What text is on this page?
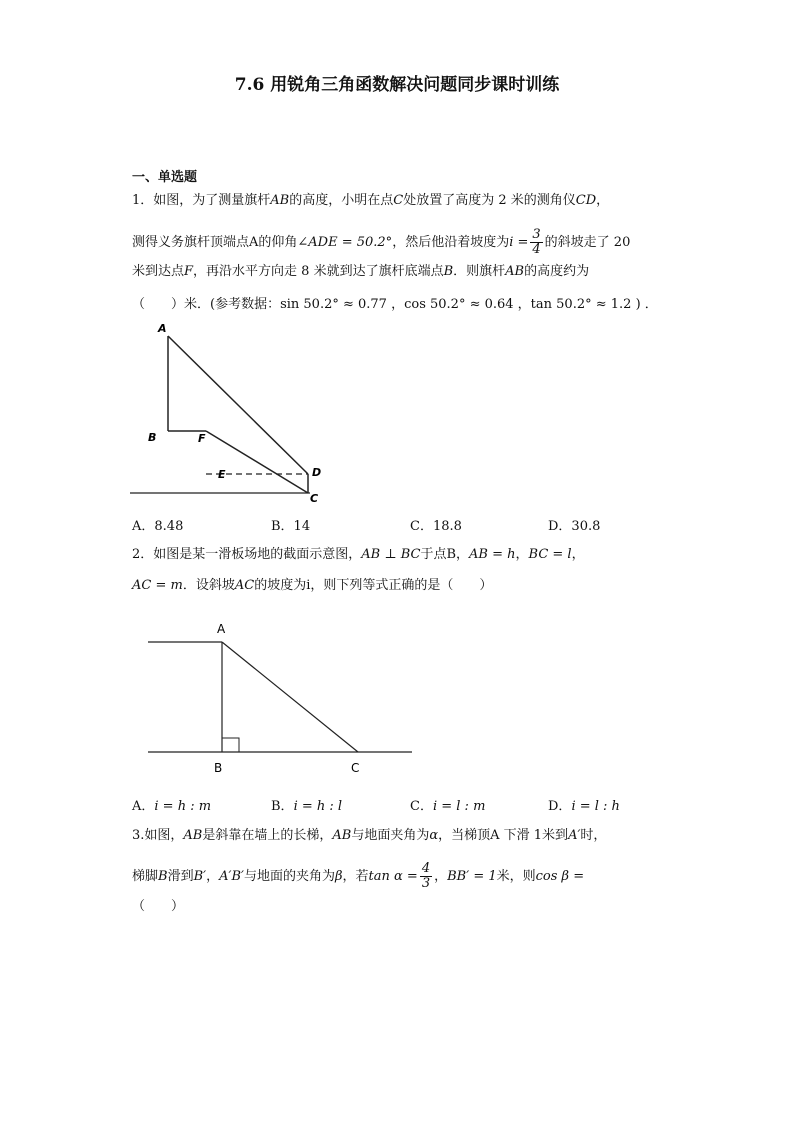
7.6 用锐角三角函数解决问题同步课时训练
一、单选题
1．如图，为了测量旗杆AB的高度，小明在点C处放置了高度为 2 米的测角仪CD，
测得义务旗杆顶端点A的仰角∠ADE = 50.2°，然后他沿着坡度为$i = \frac{3}{4}$ 的斜坡走了 20
米到达点F，再沿水平方向走 8 米就到达了旗杆底端点B．则旗杆AB的高度约为
（　　）米．(参考数据：sin 50.2° ≈ 0.77 ，cos 50.2° ≈ 0.64 ，tan 50.2° ≈ 1.2 ) ．
A
B	F
E	D
C
A．8.48	B．14	C．18.8	D．30.8
2．如图是某一滑板场地的截面示意图，AB ⊥ BC于点B，AB = h，BC = l，
AC = m．设斜坡AC的坡度为i，则下列等式正确的是（　　）
A
B	C
A．i = h : m	B．i = h : l	C．i = l : m	D．i = l : h
3.如图，AB是斜靠在墙上的长梯，AB与地面夹角为α，当梯顶A 下滑 1米到A′时，
梯脚B滑到B′，A′B′与地面的夹角为β，若$\tan \alpha = \frac{4}{3}$ ，BB′ = 1米，则cos β =
（　　）
